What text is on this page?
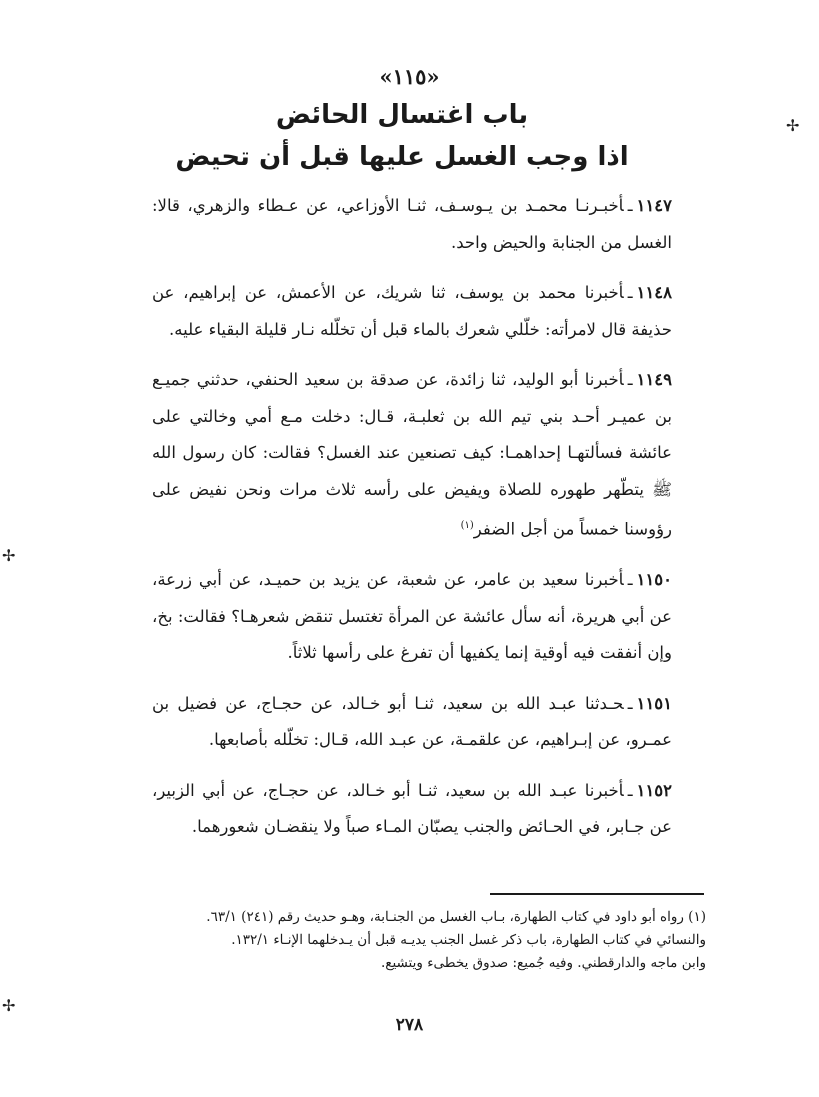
«١١٥»
باب اغتسال الحائض
اذا وجب الغسل عليها قبل أن تحيض

١١٤٧ـأخبـرنـا محمـد بن يـوسـف، ثنـا الأوزاعي، عن عـطاء والزهري، قالا: الغسل من الجنابة والحيض واحد.

١١٤٨ـأخبرنا محمد بن يوسف، ثنا شريك، عن الأعمش، عن إبراهيم، عن حذيفة قال لامرأته: خلّلي شعرك بالماء قبل أن تخلّله نـار قليلة البقياء عليه.

١١٤٩ـأخبرنا أبو الوليد، ثنا زائدة، عن صدقة بن سعيد الحنفي، حدثني جميـع بن عميـر أحـد بني تيم الله بن ثعلبـة، قـال: دخلت مـع أمي وخالتي على عائشة فسألتهـا إحداهمـا: كيف تصنعين عند الغسل؟ فقالت: كان رسول الله ﷺ يتطّهر طهوره للصلاة ويفيض على رأسه ثلاث مرات ونحن نفيض على رؤوسنا خمساً من أجل الضفر$^{(١)}$

١١٥٠ـأخبرنا سعيد بن عامر، عن شعبة، عن يزيد بن حميـد، عن أبي زرعة، عن أبي هريرة، أنه سأل عائشة عن المرأة تغتسل تنقض شعرهـا؟ فقالت: بخ، وإن أنفقت فيه أوقية إنما يكفيها أن تفرغ على رأسها ثلاثاً.

١١٥١ـحـدثنا عبـد الله بن سعيد، ثنـا أبو خـالد، عن حجـاج، عن فضيل بن عمـرو، عن إبـراهيم، عن علقمـة، عن عبـد الله، قـال: تخلّله بأصابعها.

١١٥٢ـأخبرنا عبـد الله بن سعيد، ثنـا أبو خـالد، عن حجـاج، عن أبي الزبير، عن جـابر، في الحـائض والجنب يصبّان المـاء صباً ولا ينقضـان شعورهما.

(١) رواه أبو داود في كتاب الطهارة، بـاب الغسل من الجنـابة، وهـو حديث رقم (٢٤١) ٦٣/١.
والنسائي في كتاب الطهارة، باب ذكر غسل الجنب يديـه قبل أن يـدخلهما الإنـاء ١٣٢/١.
وابن ماجه والدارقطني. وفيه جُميع: صدوق يخطىء ويتشيع.
٢٧٨
✢
✢
✢
